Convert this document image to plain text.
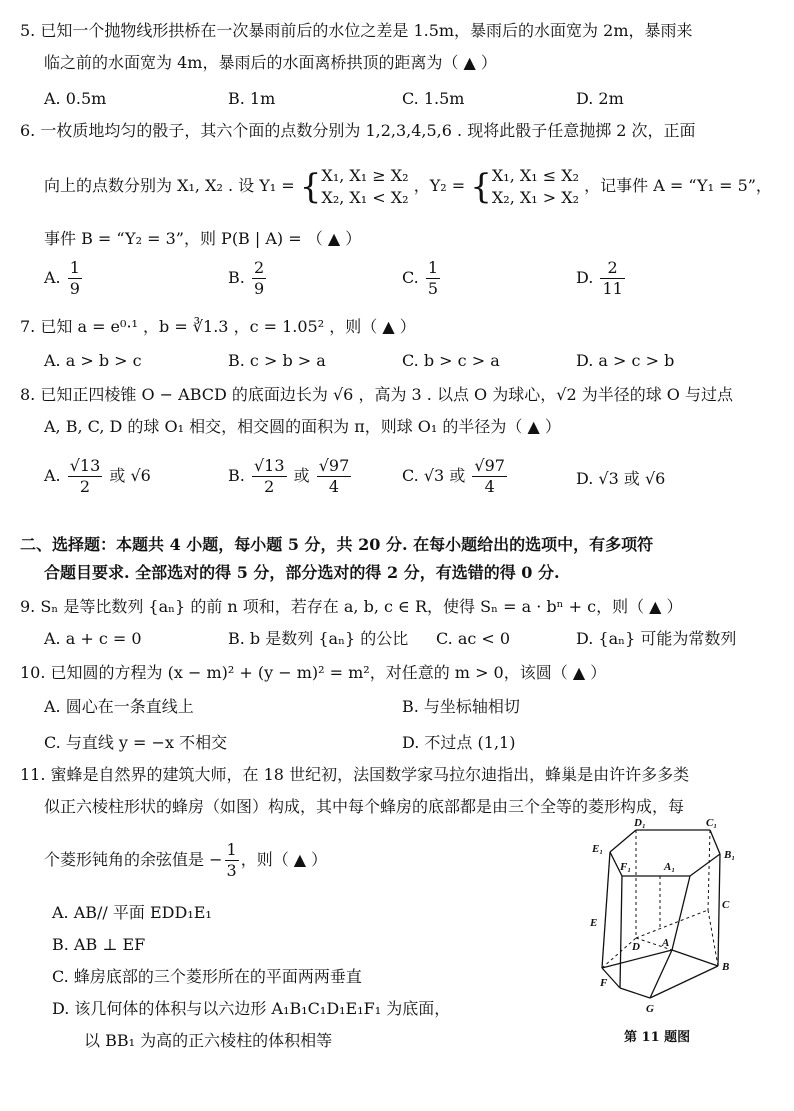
5. 已知一个抛物线形拱桥在一次暴雨前后的水位之差是 1.5m，暴雨后的水面宽为 2m，暴雨来
临之前的水面宽为 4m，暴雨后的水面离桥拱顶的距离为（ ▲ ）
A. 0.5m	B. 1m	C. 1.5m	D. 2m
6. 一枚质地均匀的骰子，其六个面的点数分别为 1,2,3,4,5,6 . 现将此骰子任意抛掷 2 次，正面
向上的点数分别为 X₁, X₂ . 设 Y₁ = { X₁, X₁ ≥ X₂
X₂, X₁ < X₂
，Y₂ = { X₁, X₁ ≤ X₂
X₂, X₁ > X₂
，记事件 A = “Y₁ = 5”，
事件 B = “Y₂ = 3”，则 P(B | A) = （ ▲ ）
A. $\frac{1}{9}$	B. $\frac{2}{9}$	C. $\frac{1}{5}$	D. $\frac{2}{11}$
7. 已知 a = e⁰·¹ ，b = ∛1.3 ，c = 1.05² ，则（ ▲ ）
A. a > b > c	B. c > b > a	C. b > c > a	D. a > c > b
8. 已知正四棱锥 O − ABCD 的底面边长为 √6 ，高为 3 . 以点 O 为球心，√2 为半径的球 O 与过点
A, B, C, D 的球 O₁ 相交，相交圆的面积为 π，则球 O₁ 的半径为（ ▲ ）
A. $\frac{√13}{2}$ 或 √6	B. $\frac{√13}{2}$ 或 $\frac{√97}{4}$	C. √3 或 $\frac{√97}{4}$	D. √3 或 √6
二、选择题：本题共 4 小题，每小题 5 分，共 20 分. 在每小题给出的选项中，有多项符
合题目要求. 全部选对的得 5 分，部分选对的得 2 分，有选错的得 0 分.
9. Sₙ 是等比数列 {aₙ} 的前 n 项和，若存在 a, b, c ∈ R，使得 Sₙ = a · bⁿ + c，则（ ▲ ）
A. a + c = 0	B. b 是数列 {aₙ} 的公比 C. ac < 0	D. {aₙ} 可能为常数列
10. 已知圆的方程为 (x − m)² + (y − m)² = m²，对任意的 m > 0，该圆（ ▲ ）
A. 圆心在一条直线上	B. 与坐标轴相切
C. 与直线 y = −x 不相交	D. 不过点 (1,1)
11. 蜜蜂是自然界的建筑大师，在 18 世纪初，法国数学家马拉尔迪指出，蜂巢是由许许多多类
似正六棱柱形状的蜂房（如图）构成，其中每个蜂房的底部都是由三个全等的菱形构成，每
个菱形钝角的余弦值是 − $\frac{1}{3}$ ，则（ ▲ ）
A. AB// 平面 EDD₁E₁
B. AB ⊥ EF
C. 蜂房底部的三个菱形所在的平面两两垂直
D. 该几何体的体积与以六边形 A₁B₁C₁D₁E₁F₁ 为底面，
以 BB₁ 为高的正六棱柱的体积相等
D₁	C₁
E₁	B₁
F₁	A₁
C
E
D A
B
F
G
第 11 题图
